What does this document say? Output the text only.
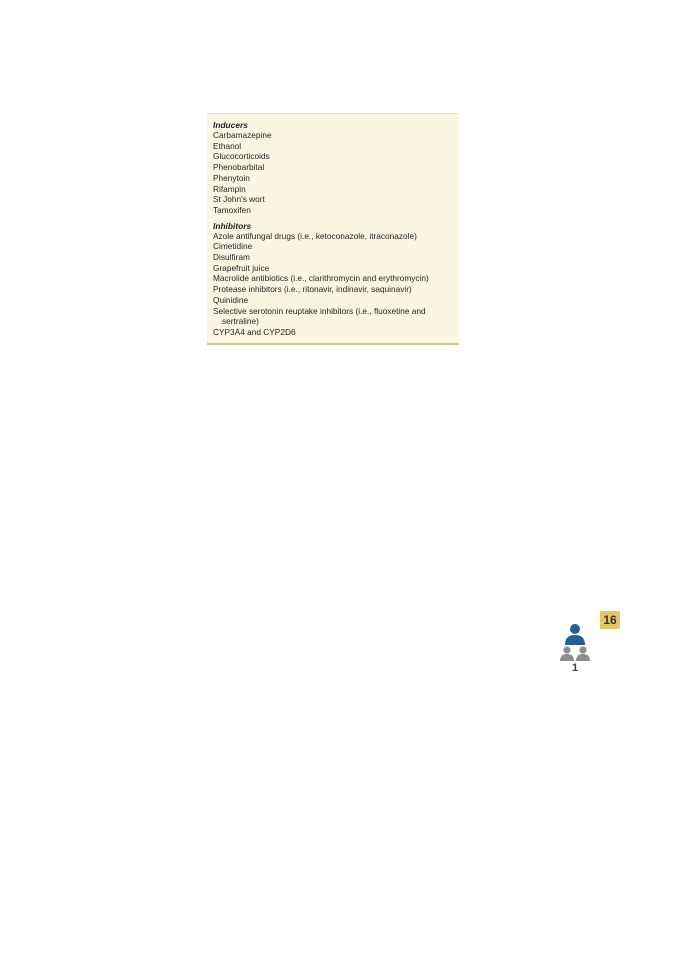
Inducers

Carbamazepine
Ethanol
Glucocorticoids
Phenobarbital
Phenytoin
Rifampin
St John's wort
Tamoxifen

Inhibitors

Azole antifungal drugs (i.e., ketoconazole, itraconazole)
Cimetidine
Disulfiram
Grapefruit juice
Macrolide antibiotics (i.e., clarithromycin and erythromycin)
Protease inhibitors (i.e., ritonavir, indinavir, saquinavir)
Quinidine
Selective serotonin reuptake inhibitors (i.e., fluoxetine and
sertraline)
CYP3A4 and CYP2D6
1
16
